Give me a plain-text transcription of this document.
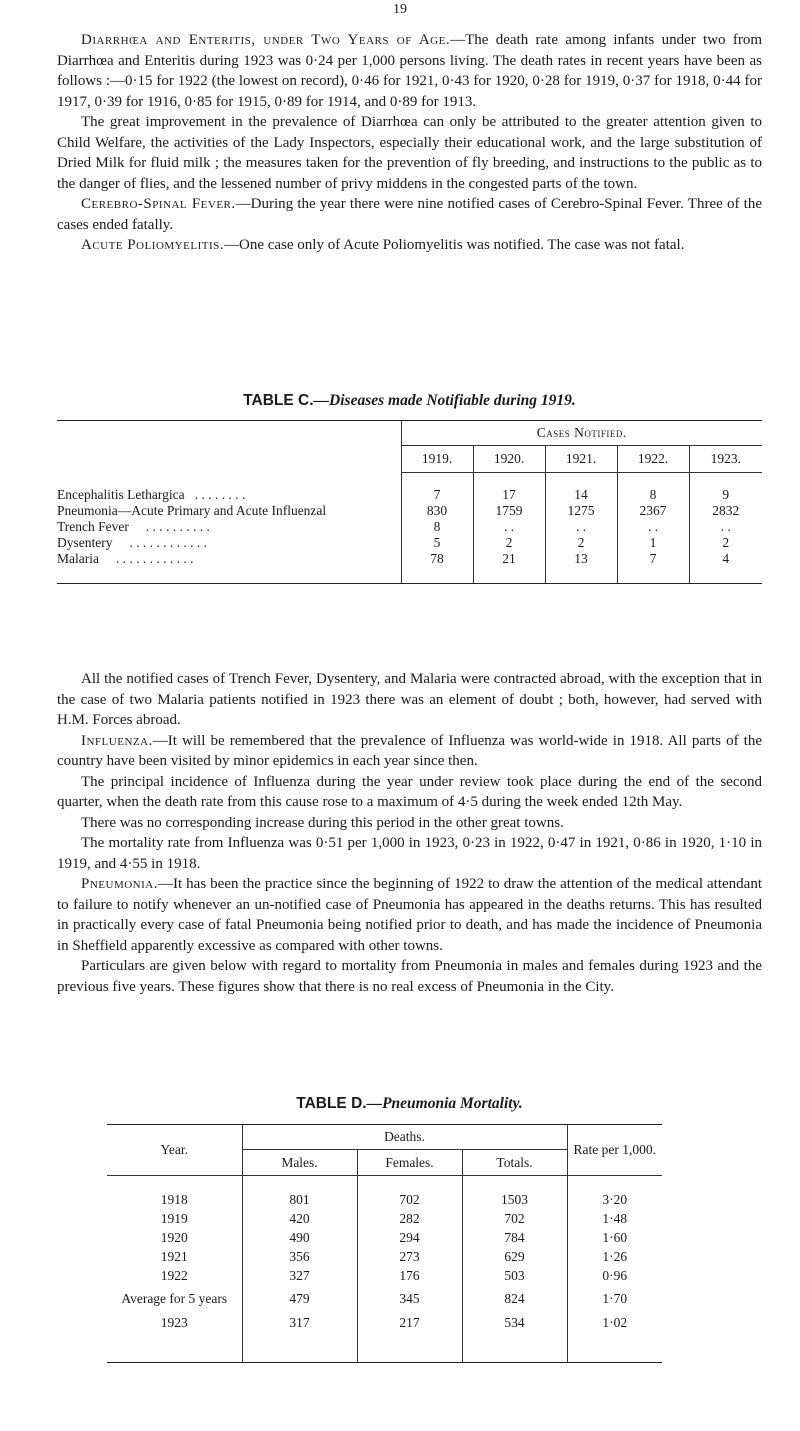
19

Diarrhœa and Enteritis, under Two Years of Age.—The death rate among infants under two from Diarrhœa and Enteritis during 1923 was 0·24 per 1,000 persons living. The death rates in recent years have been as follows :—0·15 for 1922 (the lowest on record), 0·46 for 1921, 0·43 for 1920, 0·28 for 1919, 0·37 for 1918, 0·44 for 1917, 0·39 for 1916, 0·85 for 1915, 0·89 for 1914, and 0·89 for 1913.

The great improvement in the prevalence of Diarrhœa can only be attributed to the greater attention given to Child Welfare, the activities of the Lady Inspectors, especially their educational work, and the large substitution of Dried Milk for fluid milk ; the measures taken for the prevention of fly breeding, and instructions to the public as to the danger of flies, and the lessened number of privy middens in the congested parts of the town.

Cerebro-Spinal Fever.—During the year there were nine notified cases of Cerebro-Spinal Fever. Three of the cases ended fatally.

Acute Poliomyelitis.—One case only of Acute Poliomyelitis was notified. The case was not fatal.

TABLE C.—Diseases made Notifiable during 1919.
	Cases Notified.				
	1919.	1920.	1921.	1922.	1923.

Encephalitis Lethargica . . . . . . . .	7	17	14	8	9
Pneumonia—Acute Primary and Acute Influenzal	830	1759	1275	2367	2832
Trench Fever . . . . . . . . . .	8	. .	. .	. .	. .
Dysentery . . . . . . . . . . . .	5	2	2	1	2
Malaria . . . . . . . . . . . .	78	21	13	7	4

All the notified cases of Trench Fever, Dysentery, and Malaria were contracted abroad, with the exception that in the case of two Malaria patients notified in 1923 there was an element of doubt ; both, however, had served with H.M. Forces abroad.

Influenza.—It will be remembered that the prevalence of Influenza was world-wide in 1918. All parts of the country have been visited by minor epidemics in each year since then.

The principal incidence of Influenza during the year under review took place during the end of the second quarter, when the death rate from this cause rose to a maximum of 4·5 during the week ended 12th May.

There was no corresponding increase during this period in the other great towns.

The mortality rate from Influenza was 0·51 per 1,000 in 1923, 0·23 in 1922, 0·47 in 1921, 0·86 in 1920, 1·10 in 1919, and 4·55 in 1918.

Pneumonia.—It has been the practice since the beginning of 1922 to draw the attention of the medical attendant to failure to notify whenever an un-notified case of Pneumonia has appeared in the deaths returns. This has resulted in practically every case of fatal Pneumonia being notified prior to death, and has made the incidence of Pneumonia in Sheffield apparently excessive as compared with other towns.

Particulars are given below with regard to mortality from Pneumonia in males and females during 1923 and the previous five years. These figures show that there is no real excess of Pneumonia in the City.

TABLE D.—Pneumonia Mortality.
Year.	Deaths.			Rate per 1,000.
	Males.	Females.	Totals.	

1918	801	702	1503	3·20
1919	420	282	702	1·48
1920	490	294	784	1·60
1921	356	273	629	1·26
1922	327	176	503	0·96
Average for 5 years	479	345	824	1·70
1923	317	217	534	1·02
